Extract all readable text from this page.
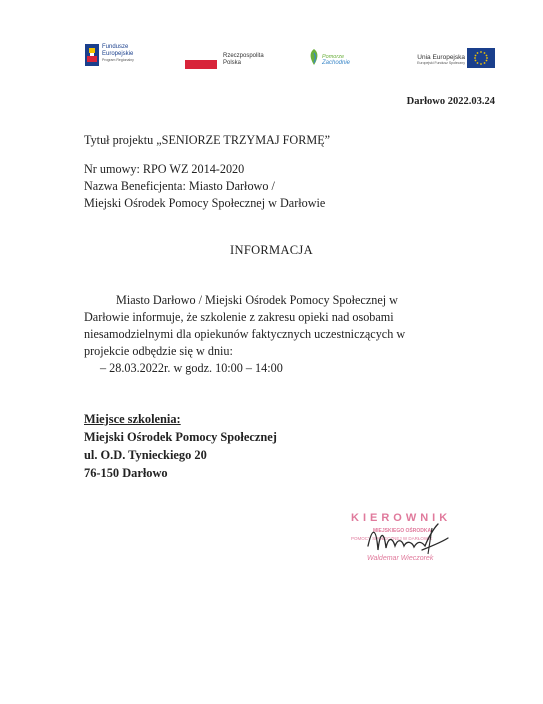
Fundusze
Europejskie
Program Regionalny
Rzeczpospolita
Polska
Pomorze
Zachodnie
Unia Europejska
Europejski Fundusz Społeczny
Darłowo 2022.03.24
Tytuł projektu „SENIORZE TRZYMAJ FORMĘ”
Nr umowy: RPO WZ 2014-2020
Nazwa Beneficjenta: Miasto Darłowo /
Miejski Ośrodek Pomocy Społecznej w Darłowie
INFORMACJA
Miasto Darłowo / Miejski Ośrodek Pomocy Społecznej w
Darłowie informuje, że szkolenie z zakresu opieki nad osobami
niesamodzielnymi dla opiekunów faktycznych uczestniczących w
projekcie odbędzie się w dniu:
– 28.03.2022r. w godz. 10:00 – 14:00
Miejsce szkolenia:
Miejski Ośrodek Pomocy Społecznej
ul. O.D. Tynieckiego 20
76-150 Darłowo
KIEROWNIK
MIEJSKIEGO OŚRODKA
POMOCY SPOŁECZNEJ W DARŁOWIE
Waldemar Wieczorek
